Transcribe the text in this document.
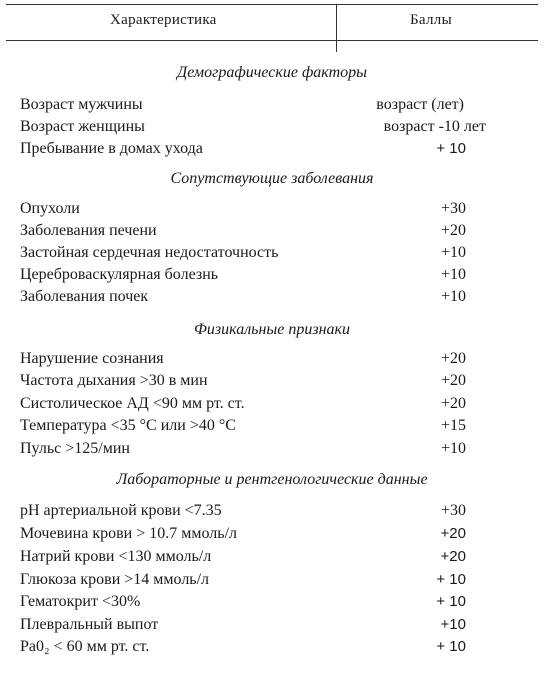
Характеристика	Баллы
Демографические факторы
Возраст мужчины	возраст (лет)
Возраст женщины	возраст -10 лет
Пребывание в домах ухода	+ 10
Сопутствующие заболевания
Опухоли	+30
Заболевания печени	+20
Застойная сердечная недостаточность	+10
Цереброваскулярная болезнь	+10
Заболевания почек	+10
Физикальные признаки
Нарушение сознания	+20
Частота дыхания >30 в мин	+20
Систолическое АД <90 мм рт. ст.	+20
Температура <35 °С или >40 °С	+15
Пульс >125/мин	+10
Лабораторные и рентгенологические данные
pH артериальной крови <7.35	+30
Мочевина крови > 10.7 ммоль/л	+20
Натрий крови <130 ммоль/л	+20
Глюкоза крови >14 ммоль/л	+ 10
Гематокрит <30%	+ 10
Плевральный выпот	+10
Pa0₂ < 60 мм рт. ст.	+ 10
